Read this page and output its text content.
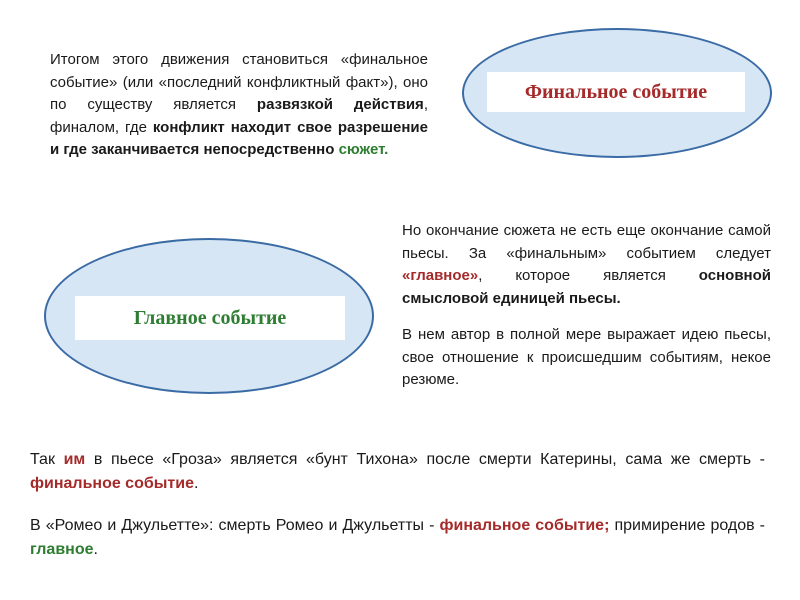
Итогом этого движения становиться «финальное событие» (или «последний конфликтный факт»), оно по существу является развязкой действия, финалом, где конфликт находит свое разрешение и где заканчивается непосредственно сюжет.
Финальное событие
Главное событие

Но окончание сюжета не есть еще окончание самой пьесы. За «финальным» событием следует «главное», которое является основной смысловой единицей пьесы.

В нем автор в полной мере выражает идею пьесы, свое отношение к происшедшим событиям, некое резюме.

Так им в пьесе «Гроза» является «бунт Тихона» после смерти Катерины, сама же смерть - финальное событие.

В «Ромео и Джульетте»: смерть Ромео и Джульетты - финальное событие; примирение родов - главное.
